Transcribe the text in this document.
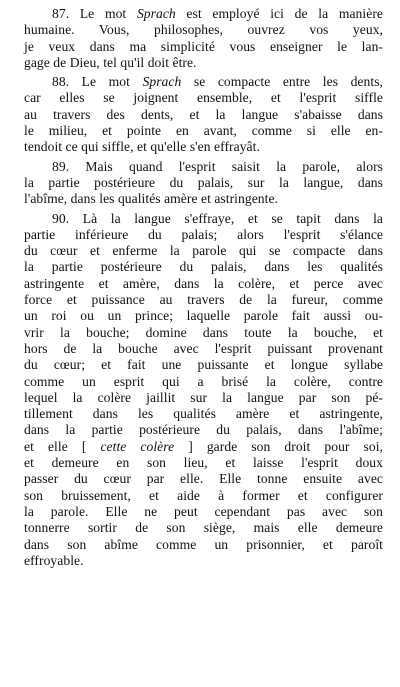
87. Le mot Sprach est employé ici de la manière
humaine. Vous, philosophes, ouvrez vos yeux,
je veux dans ma simplicité vous enseigner le lan-
gage de Dieu, tel qu'il doit être.
88. Le mot Sprach se compacte entre les dents,
car elles se joignent ensemble, et l'esprit siffle
au travers des dents, et la langue s'abaisse dans
le milieu, et pointe en avant, comme si elle en-
tendoit ce qui siffle, et qu'elle s'en effrayât.
89. Mais quand l'esprit saisit la parole, alors
la partie postérieure du palais, sur la langue, dans
l'abîme, dans les qualités amère et astringente.
90. Là la langue s'effraye, et se tapit dans la
partie inférieure du palais; alors l'esprit s'élance
du cœur et enferme la parole qui se compacte dans
la partie postérieure du palais, dans les qualités
astringente et amère, dans la colère, et perce avec
force et puissance au travers de la fureur, comme
un roi ou un prince; laquelle parole fait aussi ou-
vrir la bouche; domine dans toute la bouche, et
hors de la bouche avec l'esprit puissant provenant
du cœur; et fait une puissante et longue syllabe
comme un esprit qui a brisé la colère, contre
lequel la colère jaillit sur la langue par son pé-
tillement dans les qualités amère et astringente,
dans la partie postérieure du palais, dans l'abîme;
et elle [ cette colère ] garde son droit pour soi,
et demeure en son lieu, et laisse l'esprit doux
passer du cœur par elle. Elle tonne ensuite avec
son bruissement, et aide à former et configurer
la parole. Elle ne peut cependant pas avec son
tonnerre sortir de son siège, mais elle demeure
dans son abîme comme un prisonnier, et paroît
effroyable.
